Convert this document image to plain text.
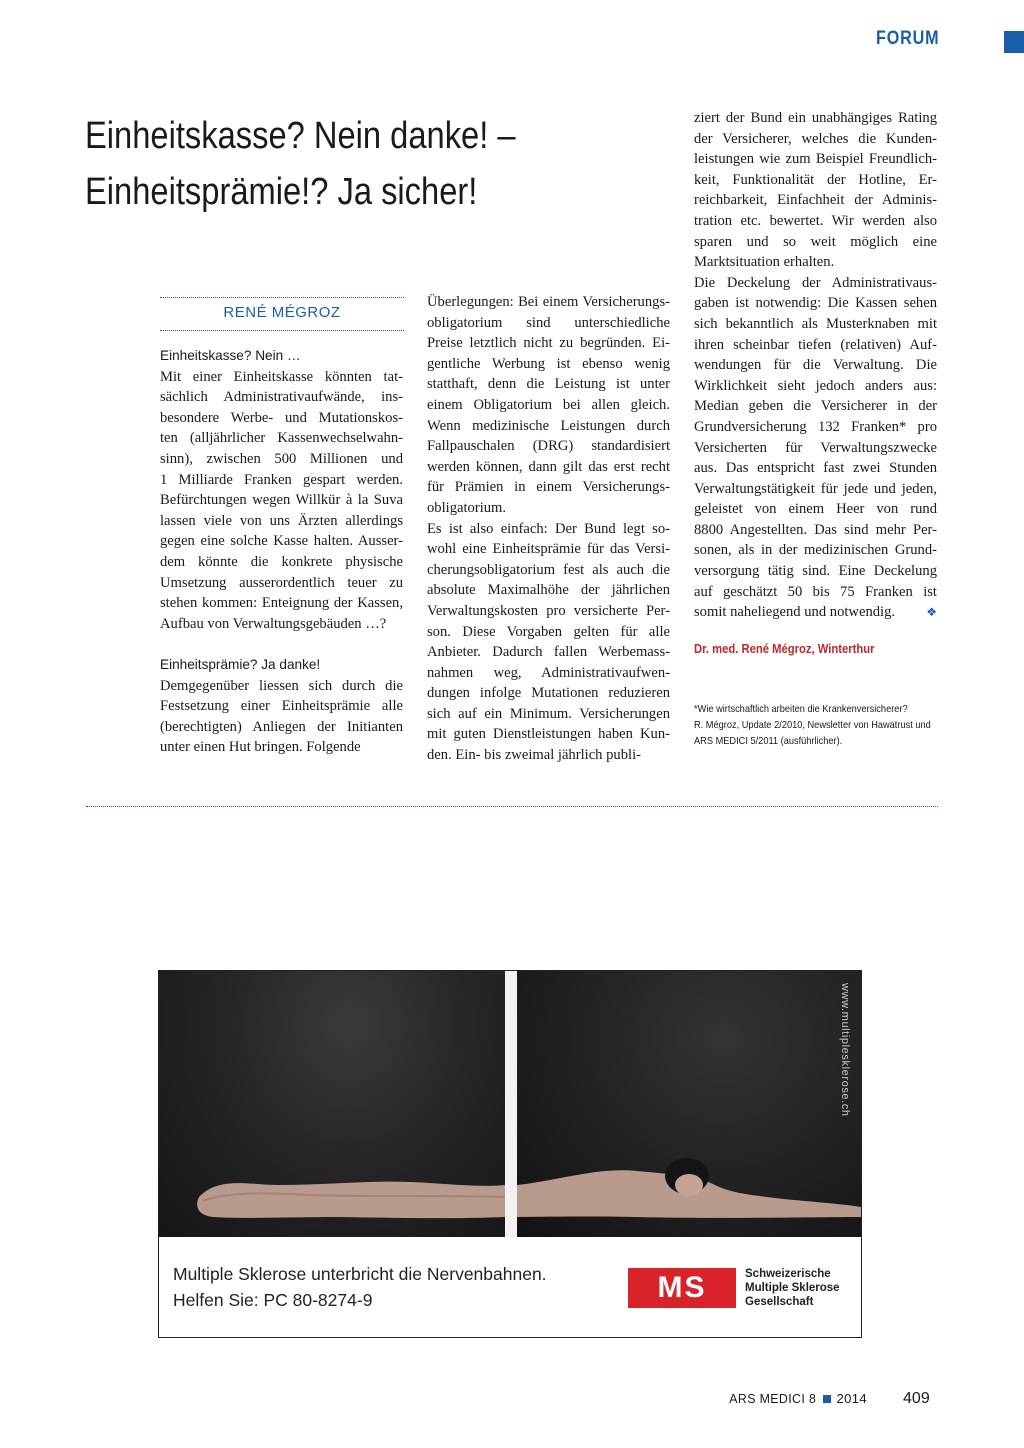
FORUM
Einheitskasse? Nein danke! –
Einheitsprämie!? Ja sicher!
RENÉ MÉGROZ
Einheitskasse? Nein …

Mit einer Einheitskasse könnten tat-

sächlich Administrativaufwände, ins-

besondere Werbe- und Mutationskos-

ten (alljährlicher Kassenwechselwahn-

sinn), zwischen 500 Millionen und

1 Milliarde Franken gespart werden.

Befürchtungen wegen Willkür à la Suva

lassen viele von uns Ärzten allerdings

gegen eine solche Kasse halten. Ausser-

dem könnte die konkrete physische

Umsetzung ausserordentlich teuer zu

stehen kommen: Enteignung der Kassen,

Aufbau von Verwaltungsgebäuden …?

Einheitsprämie? Ja danke!

Demgegenüber liessen sich durch die

Festsetzung einer Einheitsprämie alle

(berechtigten) Anliegen der Initianten

unter einen Hut bringen. Folgende

Überlegungen: Bei einem Versicherungs-

obligatorium sind unterschiedliche

Preise letztlich nicht zu begründen. Ei-

gentliche Werbung ist ebenso wenig

statthaft, denn die Leistung ist unter

einem Obligatorium bei allen gleich.

Wenn medizinische Leistungen durch

Fallpauschalen (DRG) standardisiert

werden können, dann gilt das erst recht

für Prämien in einem Versicherungs-

obligatorium.

Es ist also einfach: Der Bund legt so-

wohl eine Einheitsprämie für das Versi-

cherungsobligatorium fest als auch die

absolute Maximalhöhe der jährlichen

Verwaltungskosten pro versicherte Per-

son. Diese Vorgaben gelten für alle

Anbieter. Dadurch fallen Werbemass-

nahmen weg, Administrativaufwen-

dungen infolge Mutationen reduzieren

sich auf ein Minimum. Versicherungen

mit guten Dienstleistungen haben Kun-

den. Ein- bis zweimal jährlich publi-

ziert der Bund ein unabhängiges Rating

der Versicherer, welches die Kunden-

leistungen wie zum Beispiel Freundlich-

keit, Funktionalität der Hotline, Er-

reichbarkeit, Einfachheit der Adminis-

tration etc. bewertet. Wir werden also

sparen und so weit möglich eine

Marktsituation erhalten.

Die Deckelung der Administrativaus-

gaben ist notwendig: Die Kassen sehen

sich bekanntlich als Musterknaben mit

ihren scheinbar tiefen (relativen) Auf-

wendungen für die Verwaltung. Die

Wirklichkeit sieht jedoch anders aus:

Median geben die Versicherer in der

Grundversicherung 132 Franken* pro

Versicherten für Verwaltungszwecke

aus. Das entspricht fast zwei Stunden

Verwaltungstätigkeit für jede und jeden,

geleistet von einem Heer von rund

8800 Angestellten. Das sind mehr Per-

sonen, als in der medizinischen Grund-

versorgung tätig sind. Eine Deckelung

auf geschätzt 50 bis 75 Franken ist

somit naheliegend und notwendig.	❖

Dr. med. René Mégroz, Winterthur
*Wie wirtschaftlich arbeiten die Krankenversicherer?
R. Mégroz, Update 2/2010, Newsletter von Hawatrust und
ARS MEDICI 5/2011 (ausführlicher).
www.multiplesklerose.ch
Multiple Sklerose unterbricht die Nervenbahnen.
Helfen Sie: PC 80-8274-9	MS	Schweizerische
Multiple Sklerose
Gesellschaft
ARS MEDICI 8 2014 409
